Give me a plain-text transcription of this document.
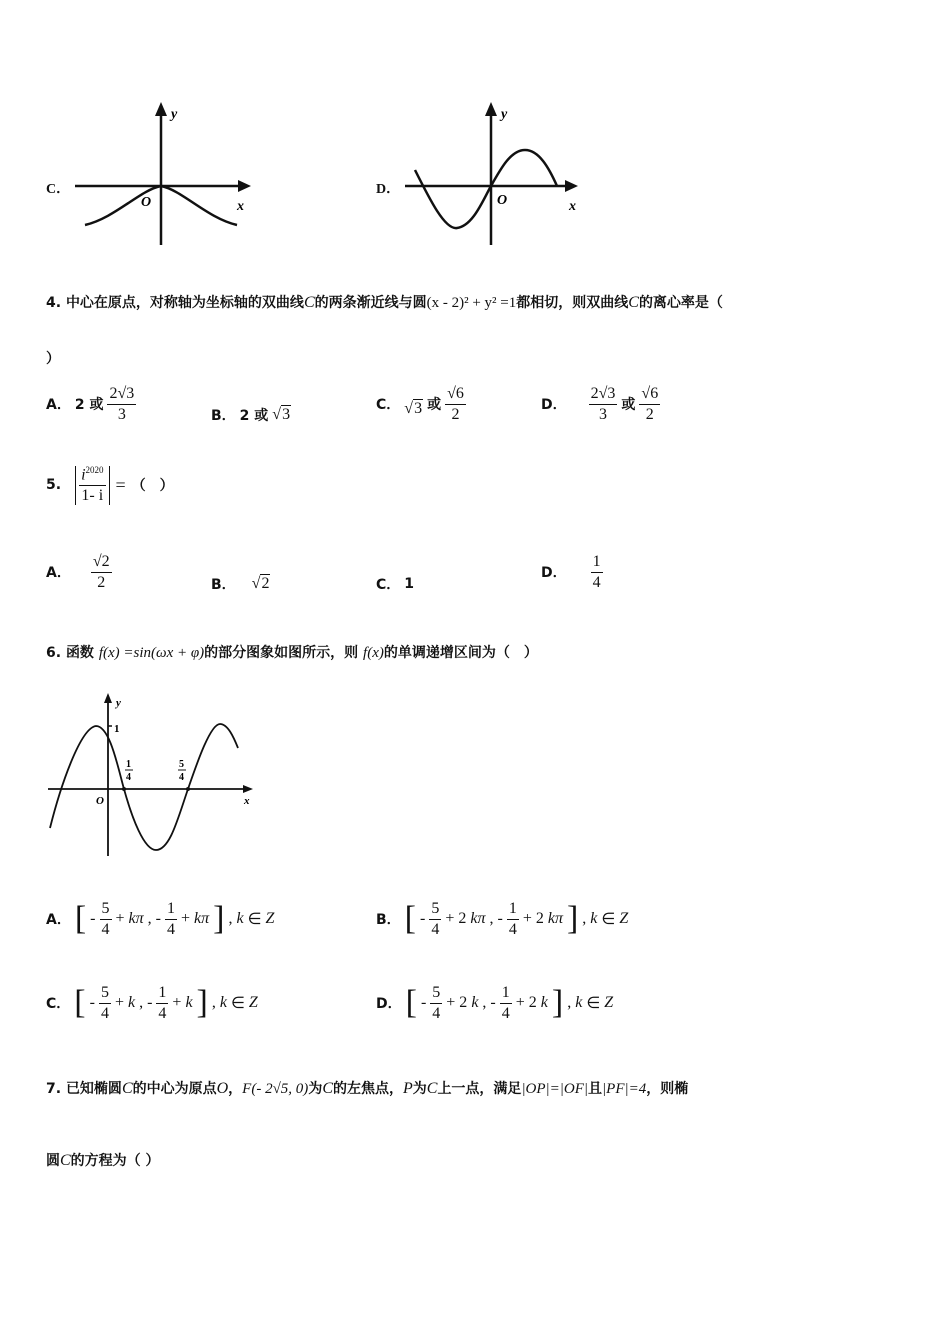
C．
y
x
O
D．
y
x
O
4. 中心在原点，对称轴为坐标轴的双曲线C的两条渐近线与圆(x - 2)² + y² =1都相切，则双曲线C的离心率是（
）
A． 2 或 $\frac{2√3}{3}$	B． 2 或 √3
C． √3 或 $\frac{√6}{2}$	D． $\frac{2√3}{3}$ 或 $\frac{√6}{2}$
5. $\frac{i^{2020}}{1- i}$ = （　）
A． $\frac{√2}{2}$	B． √2	C． 1
D． $\frac{1}{4}$
6. 函数 f(x) =sin(ωx + φ)的部分图象如图所示，则 f(x)的单调递增区间为（　）
y
x
O
1
1
4
5
4
A． [ - $\frac{5}{4} + k\pi$ , - $\frac{1}{4} + k\pi$ ] , k ∈ Z	B． [ - $\frac{5}{4} + 2$ kπ , - $\frac{1}{4} + 2$ kπ ] , k ∈ Z
C． [ - $\frac{5}{4} + k$ , - $\frac{1}{4} + k$ ] , k ∈ Z	D． [ - $\frac{5}{4} + 2$ k , - $\frac{1}{4} + 2$ k ] , k ∈ Z
7. 已知椭圆C的中心为原点O，F(- 2√5, 0)为C的左焦点，P为C上一点，满足|OP|=|OF|且|PF|=4，则椭
圆C的方程为（ ）
